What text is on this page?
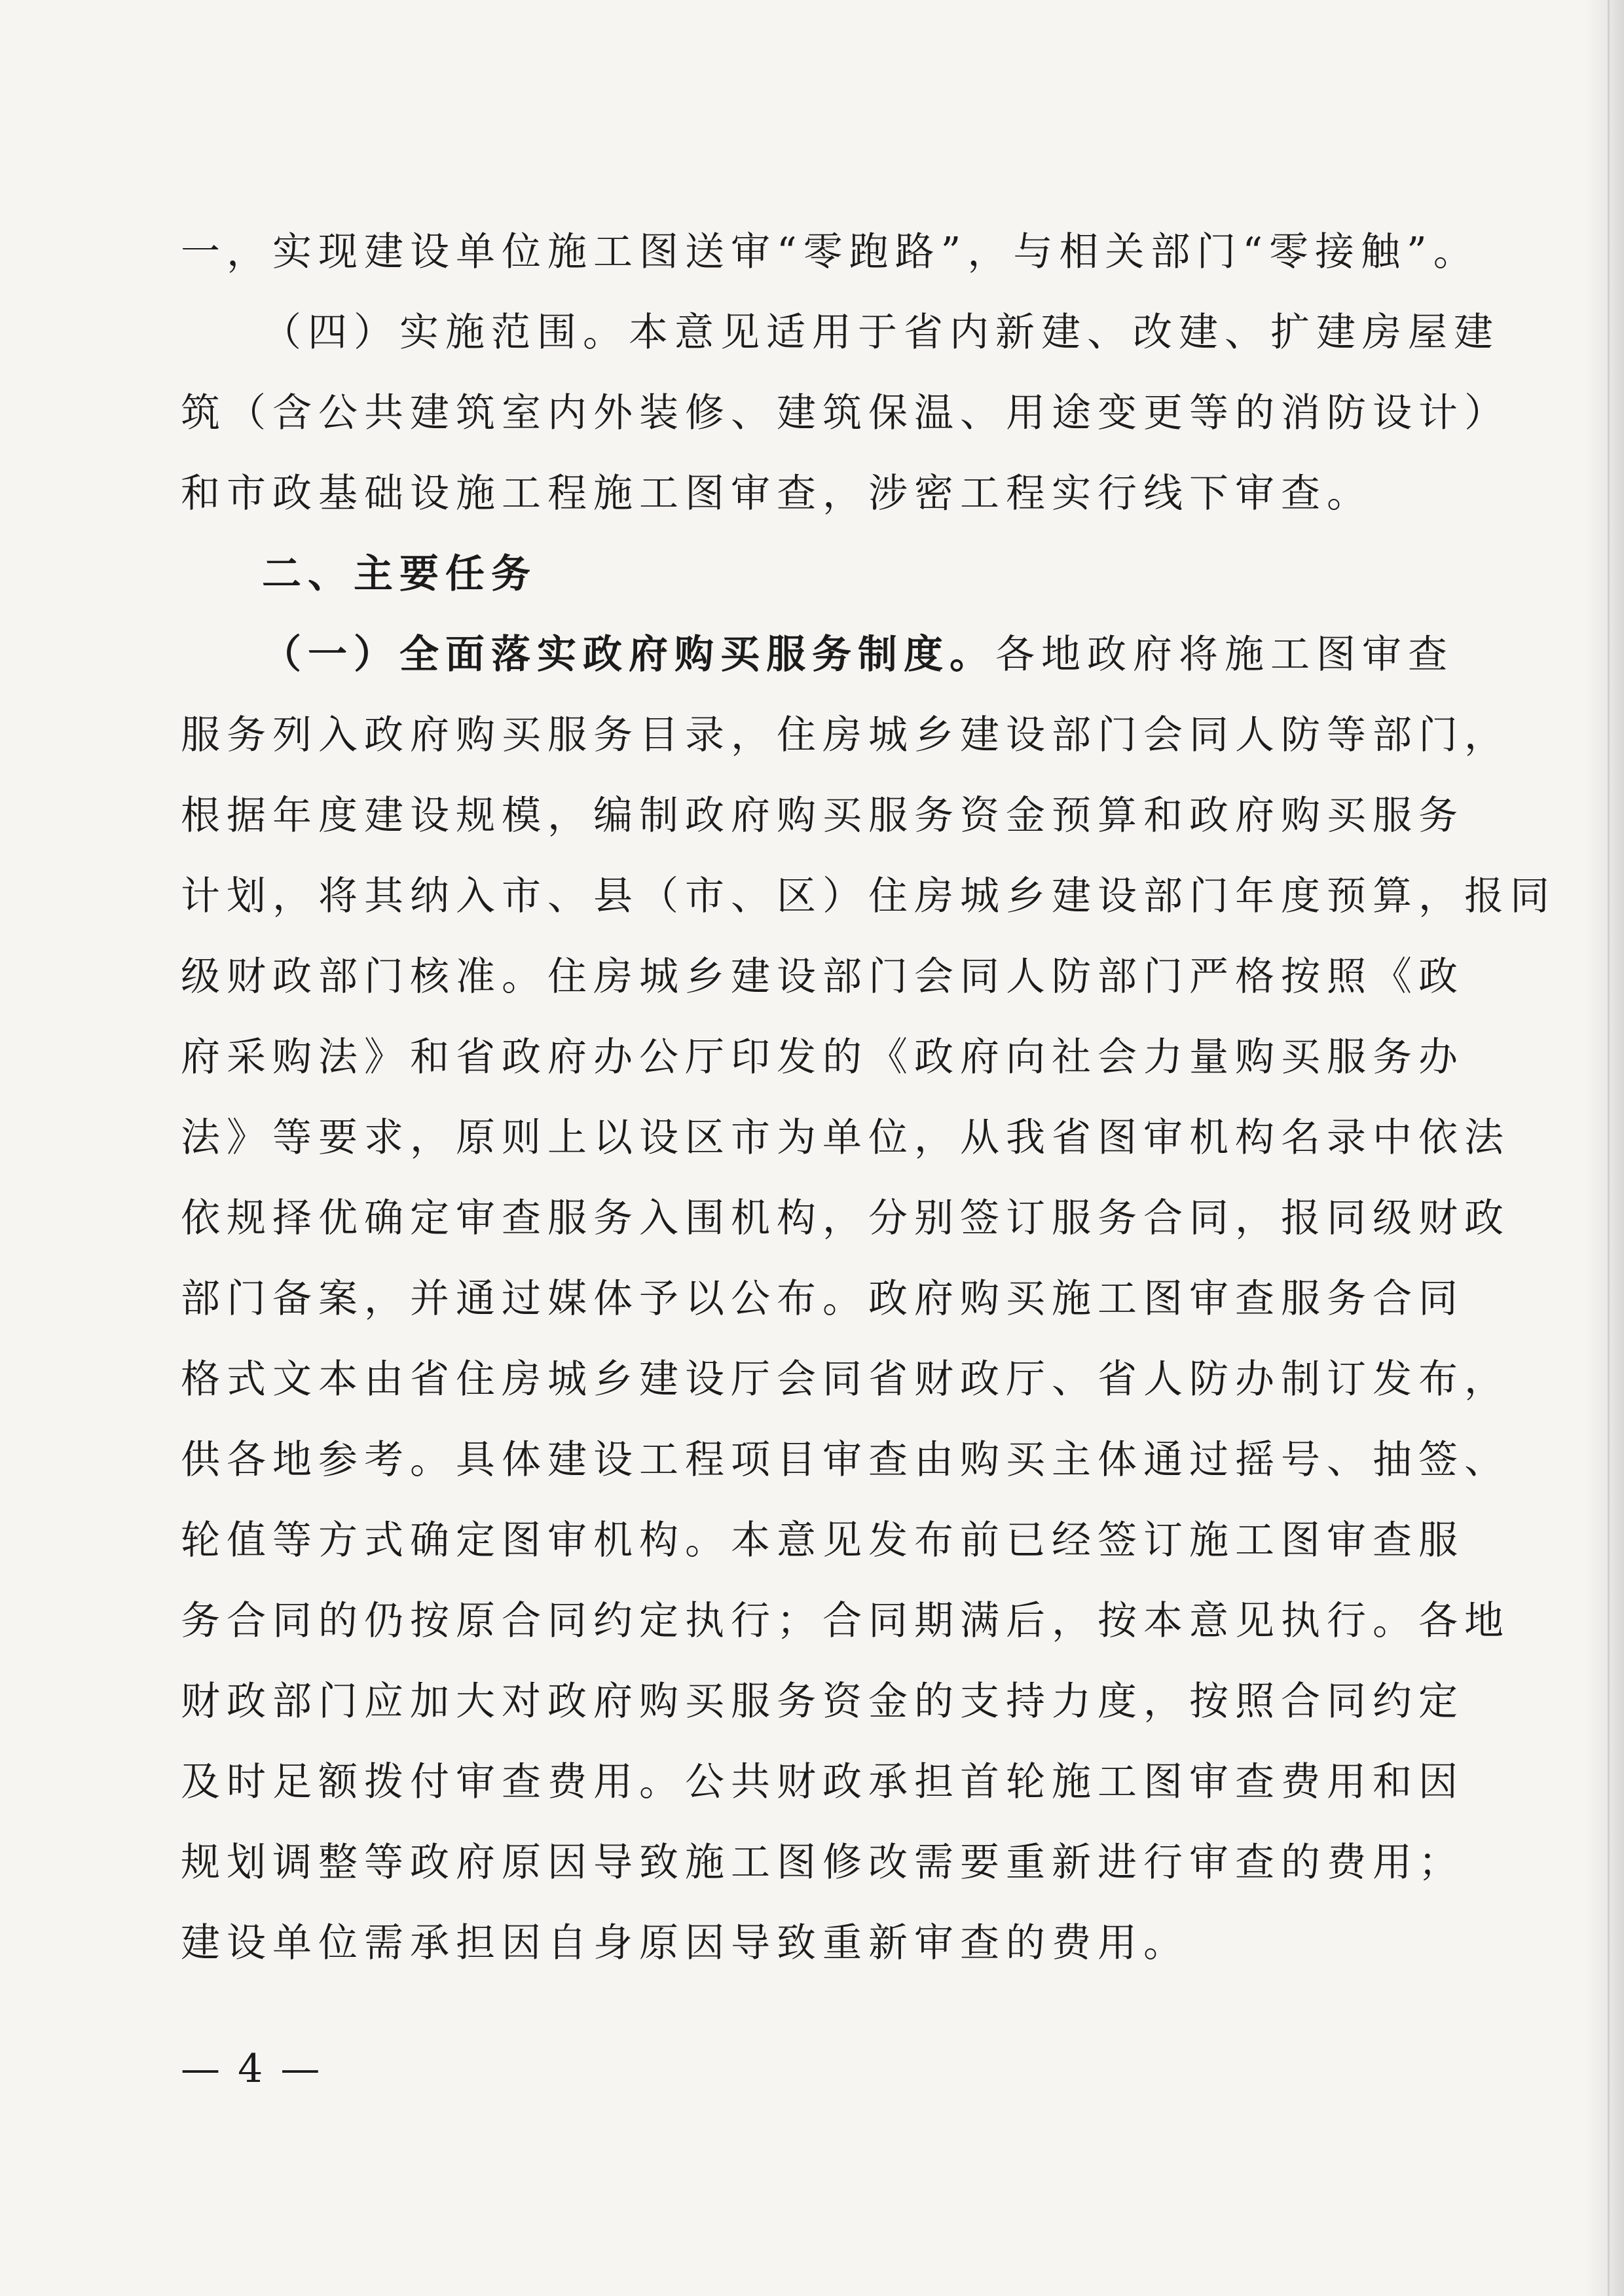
一，实现建设单位施工图送审“零跑路”，与相关部门“零接触”。
（四）实施范围。本意见适用于省内新建、改建、扩建房屋建
筑（含公共建筑室内外装修、建筑保温、用途变更等的消防设计）
和市政基础设施工程施工图审查，涉密工程实行线下审查。
二、主要任务
（一）全面落实政府购买服务制度。各地政府将施工图审查
服务列入政府购买服务目录，住房城乡建设部门会同人防等部门，
根据年度建设规模，编制政府购买服务资金预算和政府购买服务
计划，将其纳入市、县（市、区）住房城乡建设部门年度预算，报同
级财政部门核准。住房城乡建设部门会同人防部门严格按照《政
府采购法》和省政府办公厅印发的《政府向社会力量购买服务办
法》等要求，原则上以设区市为单位，从我省图审机构名录中依法
依规择优确定审查服务入围机构，分别签订服务合同，报同级财政
部门备案，并通过媒体予以公布。政府购买施工图审查服务合同
格式文本由省住房城乡建设厅会同省财政厅、省人防办制订发布，
供各地参考。具体建设工程项目审查由购买主体通过摇号、抽签、
轮值等方式确定图审机构。本意见发布前已经签订施工图审查服
务合同的仍按原合同约定执行；合同期满后，按本意见执行。各地
财政部门应加大对政府购买服务资金的支持力度，按照合同约定
及时足额拨付审查费用。公共财政承担首轮施工图审查费用和因
规划调整等政府原因导致施工图修改需要重新进行审查的费用；
建设单位需承担因自身原因导致重新审查的费用。
— 4 —
